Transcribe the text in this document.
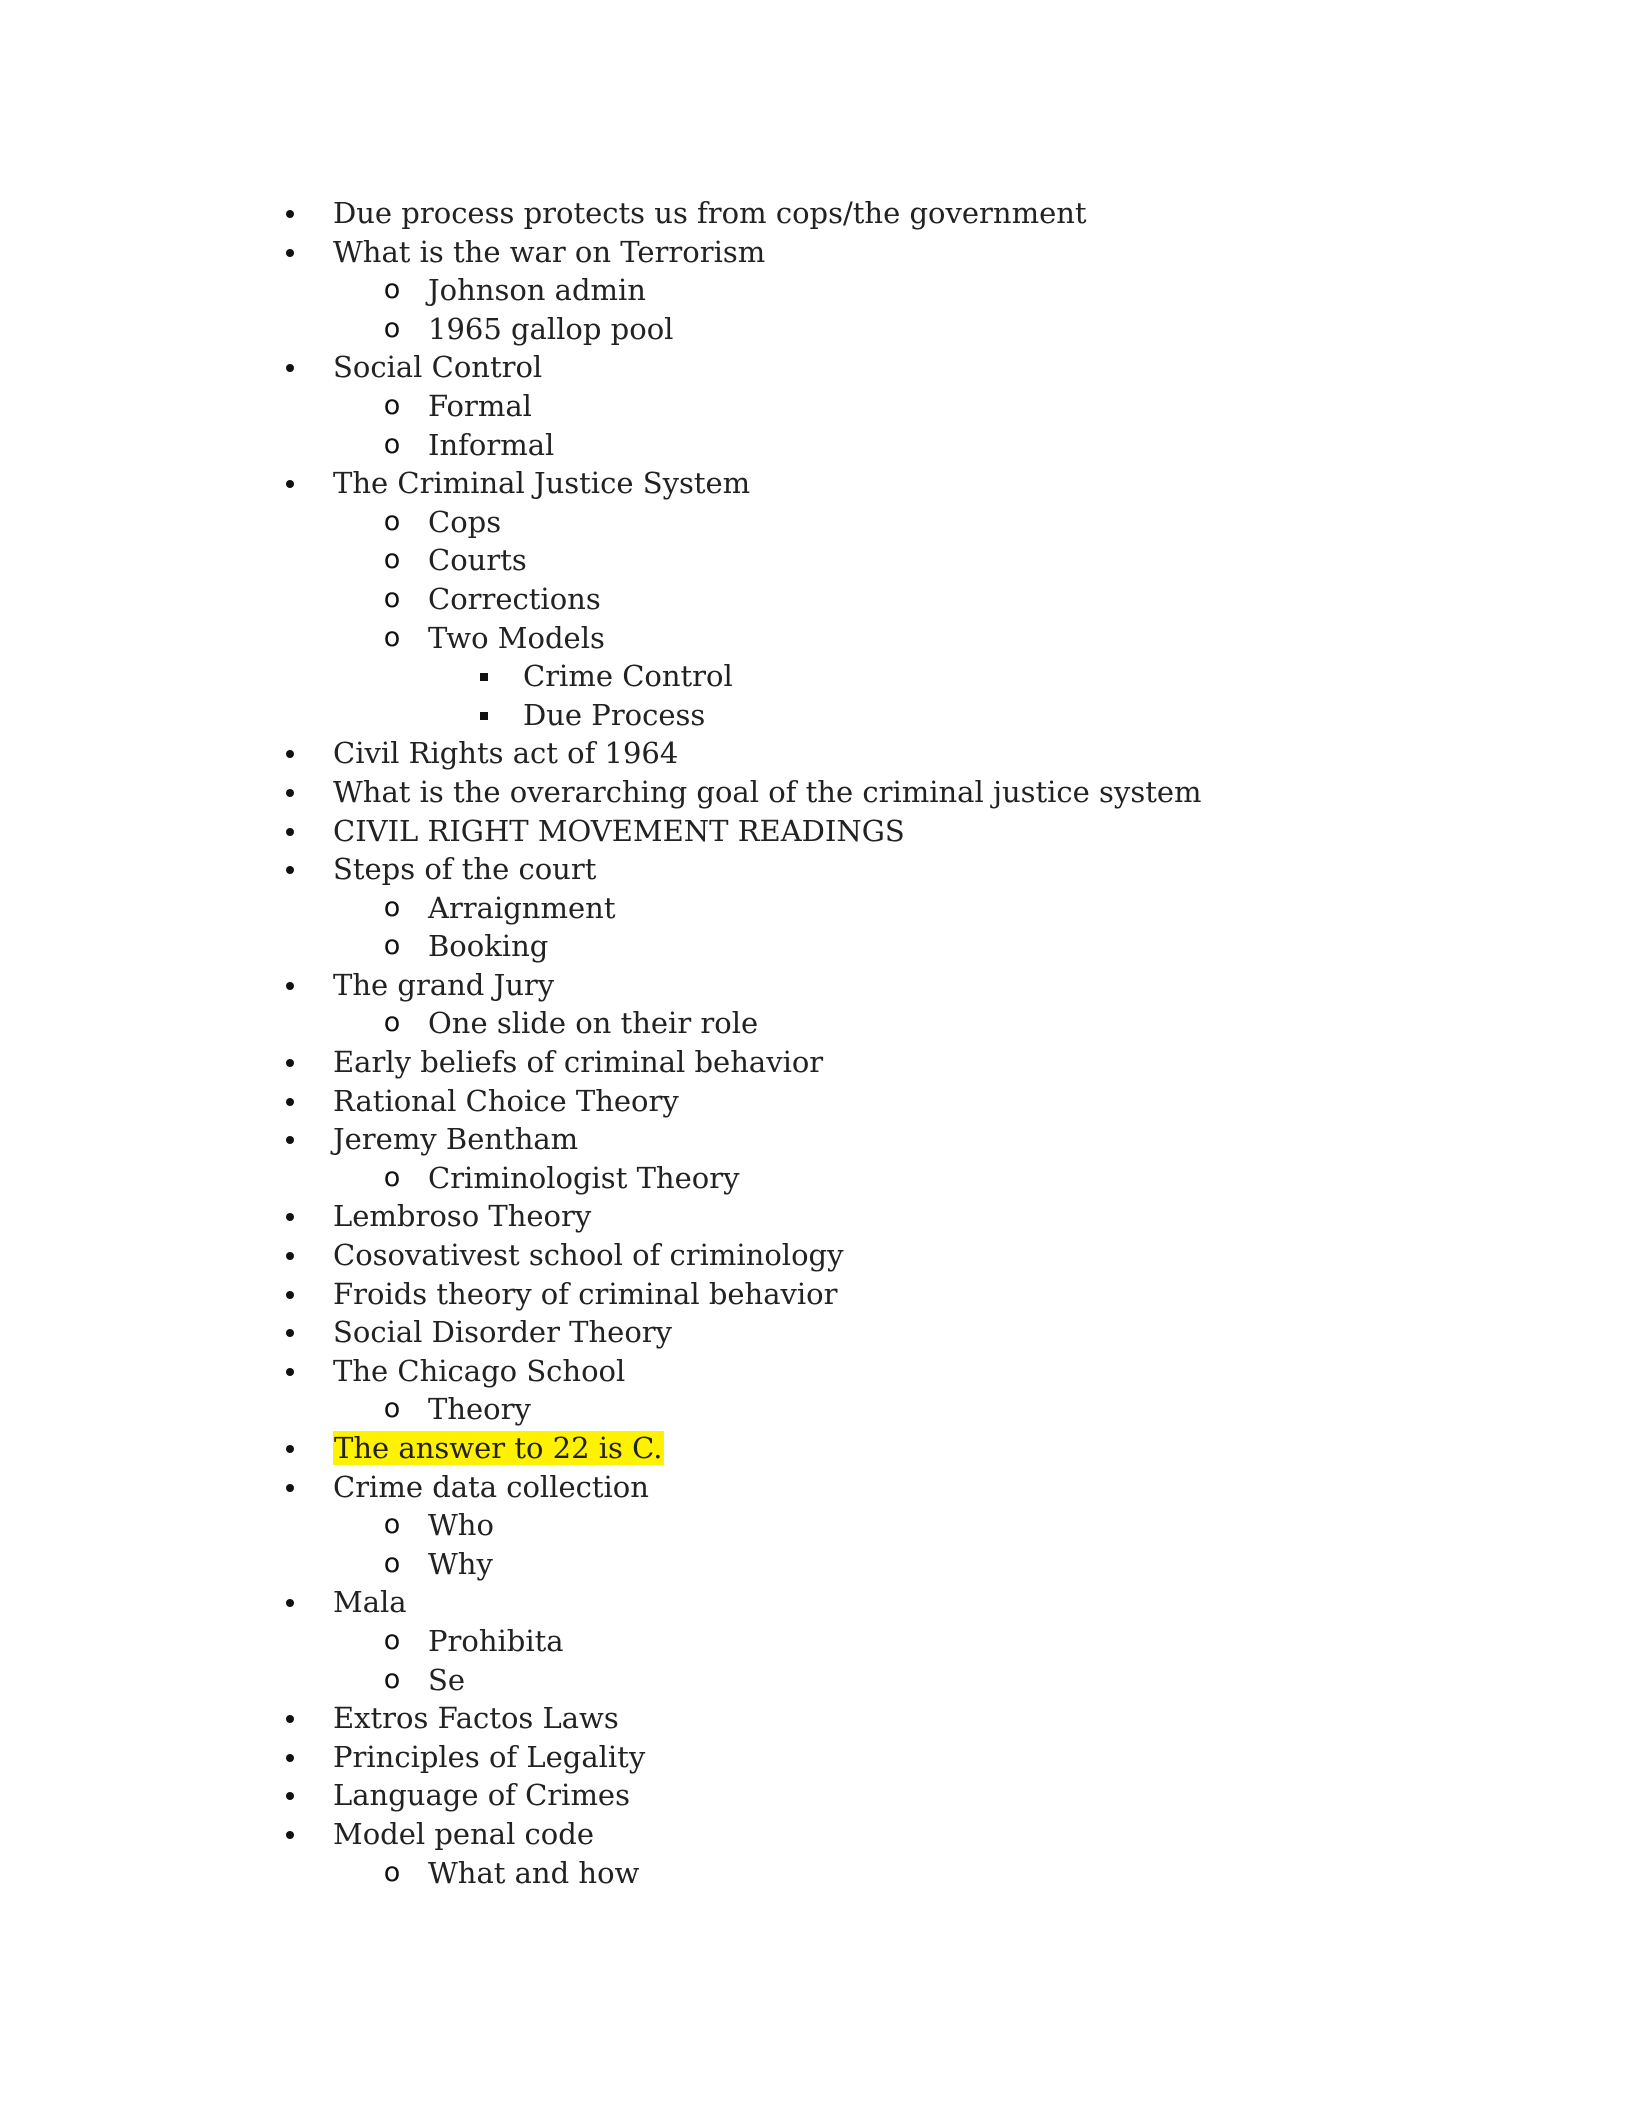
Due process protects us from cops/the government
What is the war on Terrorism
o Johnson admin
o 1965 gallop pool
Social Control
o Formal
o Informal
The Criminal Justice System
o Cops
o Courts
o Corrections
o Two Models
Crime Control
Due Process
Civil Rights act of 1964
What is the overarching goal of the criminal justice system
CIVIL RIGHT MOVEMENT READINGS
Steps of the court
o Arraignment
o Booking
The grand Jury
o One slide on their role
Early beliefs of criminal behavior
Rational Choice Theory
Jeremy Bentham
o Criminologist Theory
Lembroso Theory
Cosovativest school of criminology
Froids theory of criminal behavior
Social Disorder Theory
The Chicago School
o Theory
The answer to 22 is C.
Crime data collection
o Who
o Why
Mala
o Prohibita
o Se
Extros Factos Laws
Principles of Legality
Language of Crimes
Model penal code
o What and how
